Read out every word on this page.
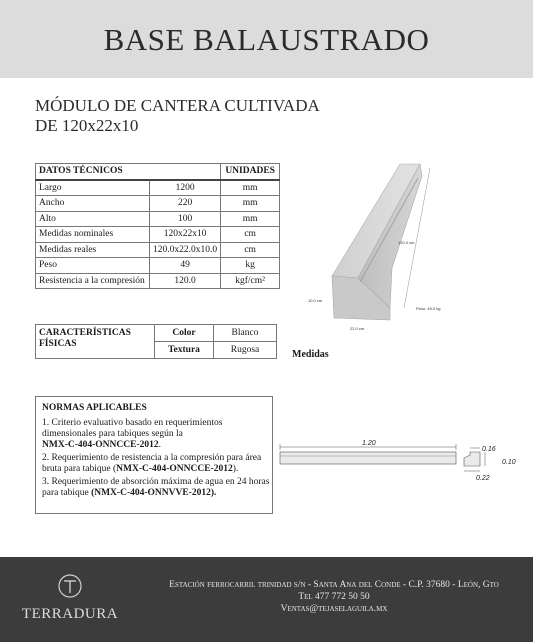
BASE BALAUSTRADO
MÓDULO DE CANTERA CULTIVADA
DE 120x22x10
DATOS TÉCNICOS		UNIDADES
Largo	1200	mm
Ancho	220	mm
Alto	100	mm
Medidas nominales	120x22x10	cm
Medidas reales	120.0x22.0x10.0	cm
Peso	49	kg
Resistencia a la compresión	120.0	kgf/cm²
120.0 cm
10.0 cm
22.0 cm
Peso: 49.0 kg
CARACTERÍSTICAS FÍSICAS	Color	Blanco
	Textura	Rugosa	Medidas
NORMAS APLICABLES

1. Criterio evaluativo basado en requerimientos dimensionales para tabiques según la
NMX-C-404-ONNCCE-2012.

2. Requerimiento de resistencia a la compresión para área bruta para tabique (NMX-C-404-ONNCCE-2012).

3. Requerimiento de absorción máxima de agua en 24 horas para tabique (NMX-C-404-ONNVVE-2012).

1.20
0.16
0.10
0.22
TERRADURA
Estación ferrocarril trinidad s/n - Santa Ana del Conde - C.P. 37680 - León, Gto
Tel 477 772 50 50
Ventas@tejaselaguila.mx
